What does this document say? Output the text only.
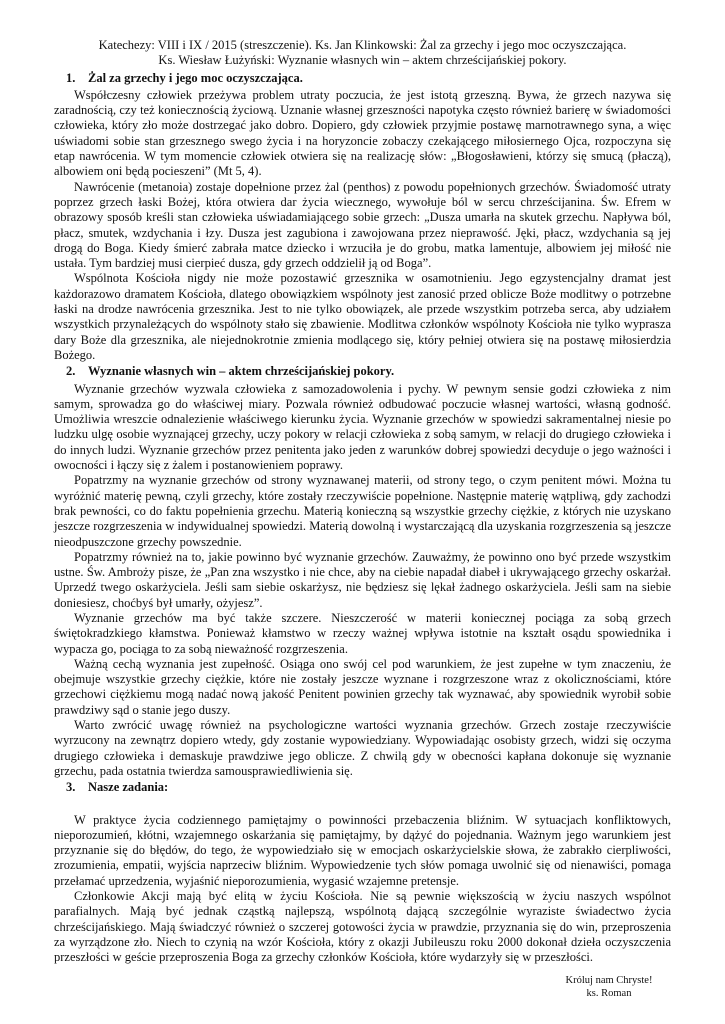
Katechezy: VIII i IX / 2015 (streszczenie). Ks. Jan Klinkowski: Żal za grzechy i jego moc oczyszczająca.

Ks. Wiesław Łużyński: Wyznanie własnych win – aktem chrześcijańskiej pokory.

1. Żal za grzechy i jego moc oczyszczająca.

Współczesny człowiek przeżywa problem utraty poczucia, że jest istotą grzeszną. Bywa, że grzech nazywa się zaradnością, czy też koniecznością życiową. Uznanie własnej grzeszności napotyka często również barierę w świadomości człowieka, który zło może dostrzegać jako dobro. Dopiero, gdy człowiek przyjmie postawę marnotrawnego syna, a więc uświadomi sobie stan grzesznego swego życia i na horyzoncie zobaczy czekającego miłosiernego Ojca, rozpoczyna się etap nawrócenia. W tym momencie człowiek otwiera się na realizację słów: „Błogosławieni, którzy się smucą (płaczą), albowiem oni będą pocieszeni” (Mt 5, 4).

Nawrócenie (metanoia) zostaje dopełnione przez żal (penthos) z powodu popełnionych grzechów. Świadomość utraty poprzez grzech łaski Bożej, która otwiera dar życia wiecznego, wywołuje ból w sercu chrześcijanina. Św. Efrem w obrazowy sposób kreśli stan człowieka uświadamiającego sobie grzech: „Dusza umarła na skutek grzechu. Napływa ból, płacz, smutek, wzdychania i łzy. Dusza jest zagubiona i zawojowana przez nieprawość. Jęki, płacz, wzdychania są jej drogą do Boga. Kiedy śmierć zabrała matce dziecko i wrzuciła je do grobu, matka lamentuje, albowiem jej miłość nie ustała. Tym bardziej musi cierpieć dusza, gdy grzech oddzielił ją od Boga”.

Wspólnota Kościoła nigdy nie może pozostawić grzesznika w osamotnieniu. Jego egzystencjalny dramat jest każdorazowo dramatem Kościoła, dlatego obowiązkiem wspólnoty jest zanosić przed oblicze Boże modlitwy o potrzebne łaski na drodze nawrócenia grzesznika. Jest to nie tylko obowiązek, ale przede wszystkim potrzeba serca, aby udziałem wszystkich przynależących do wspólnoty stało się zbawienie. Modlitwa członków wspólnoty Kościoła nie tylko wyprasza dary Boże dla grzesznika, ale niejednokrotnie zmienia modlącego się, który pełniej otwiera się na postawę miłosierdzia Bożego.

2. Wyznanie własnych win – aktem chrześcijańskiej pokory.

Wyznanie grzechów wyzwala człowieka z samozadowolenia i pychy. W pewnym sensie godzi człowieka z nim samym, sprowadza go do właściwej miary. Pozwala również odbudować poczucie własnej wartości, własną godność. Umożliwia wreszcie odnalezienie właściwego kierunku życia. Wyznanie grzechów w spowiedzi sakramentalnej niesie po ludzku ulgę osobie wyznającej grzechy, uczy pokory w relacji człowieka z sobą samym, w relacji do drugiego człowieka i do innych ludzi. Wyznanie grzechów przez penitenta jako jeden z warunków dobrej spowiedzi decyduje o jego ważności i owocności i łączy się z żalem i postanowieniem poprawy.

Popatrzmy na wyznanie grzechów od strony wyznawanej materii, od strony tego, o czym penitent mówi. Można tu wyróżnić materię pewną, czyli grzechy, które zostały rzeczywiście popełnione. Następnie materię wątpliwą, gdy zachodzi brak pewności, co do faktu popełnienia grzechu. Materią konieczną są wszystkie grzechy ciężkie, z których nie uzyskano jeszcze rozgrzeszenia w indywidualnej spowiedzi. Materią dowolną i wystarczającą dla uzyskania rozgrzeszenia są jeszcze nieodpuszczone grzechy powszednie.

Popatrzmy również na to, jakie powinno być wyznanie grzechów. Zauważmy, że powinno ono być przede wszystkim ustne. Św. Ambroży pisze, że „Pan zna wszystko i nie chce, aby na ciebie napadał diabeł i ukrywającego grzechy oskarżał. Uprzedź twego oskarżyciela. Jeśli sam siebie oskarżysz, nie będziesz się lękał żadnego oskarżyciela. Jeśli sam na siebie doniesiesz, choćbyś był umarły, ożyjesz”.

Wyznanie grzechów ma być także szczere. Nieszczerość w materii koniecznej pociąga za sobą grzech świętokradzkiego kłamstwa. Ponieważ kłamstwo w rzeczy ważnej wpływa istotnie na kształt osądu spowiednika i wypacza go, pociąga to za sobą nieważność rozgrzeszenia.

Ważną cechą wyznania jest zupełność. Osiąga ono swój cel pod warunkiem, że jest zupełne w tym znaczeniu, że obejmuje wszystkie grzechy ciężkie, które nie zostały jeszcze wyznane i rozgrzeszone wraz z okolicznościami, które grzechowi ciężkiemu mogą nadać nową jakość Penitent powinien grzechy tak wyznawać, aby spowiednik wyrobił sobie prawdziwy sąd o stanie jego duszy.

Warto zwrócić uwagę również na psychologiczne wartości wyznania grzechów. Grzech zostaje rzeczywiście wyrzucony na zewnątrz dopiero wtedy, gdy zostanie wypowiedziany. Wypowiadając osobisty grzech, widzi się oczyma drugiego człowieka i demaskuje prawdziwe jego oblicze. Z chwilą gdy w obecności kapłana dokonuje się wyznanie grzechu, pada ostatnia twierdza samousprawiedliwienia się.

3. Nasze zadania:

W praktyce życia codziennego pamiętajmy o powinności przebaczenia bliźnim. W sytuacjach konfliktowych, nieporozumień, kłótni, wzajemnego oskarżania się pamiętajmy, by dążyć do pojednania. Ważnym jego warunkiem jest przyznanie się do błędów, do tego, że wypowiedziało się w emocjach oskarżycielskie słowa, że zabrakło cierpliwości, zrozumienia, empatii, wyjścia naprzeciw bliźnim. Wypowiedzenie tych słów pomaga uwolnić się od nienawiści, pomaga przełamać uprzedzenia, wyjaśnić nieporozumienia, wygasić wzajemne pretensje.

Członkowie Akcji mają być elitą w życiu Kościoła. Nie są pewnie większością w życiu naszych wspólnot parafialnych. Mają być jednak cząstką najlepszą, wspólnotą dającą szczególnie wyraziste świadectwo życia chrześcijańskiego. Mają świadczyć również o szczerej gotowości życia w prawdzie, przyznania się do win, przeproszenia za wyrządzone zło. Niech to czynią na wzór Kościoła, który z okazji Jubileuszu roku 2000 dokonał dzieła oczyszczenia przeszłości w geście przeproszenia Boga za grzechy członków Kościoła, które wydarzyły się w przeszłości.

Króluj nam Chryste!

ks. Roman
